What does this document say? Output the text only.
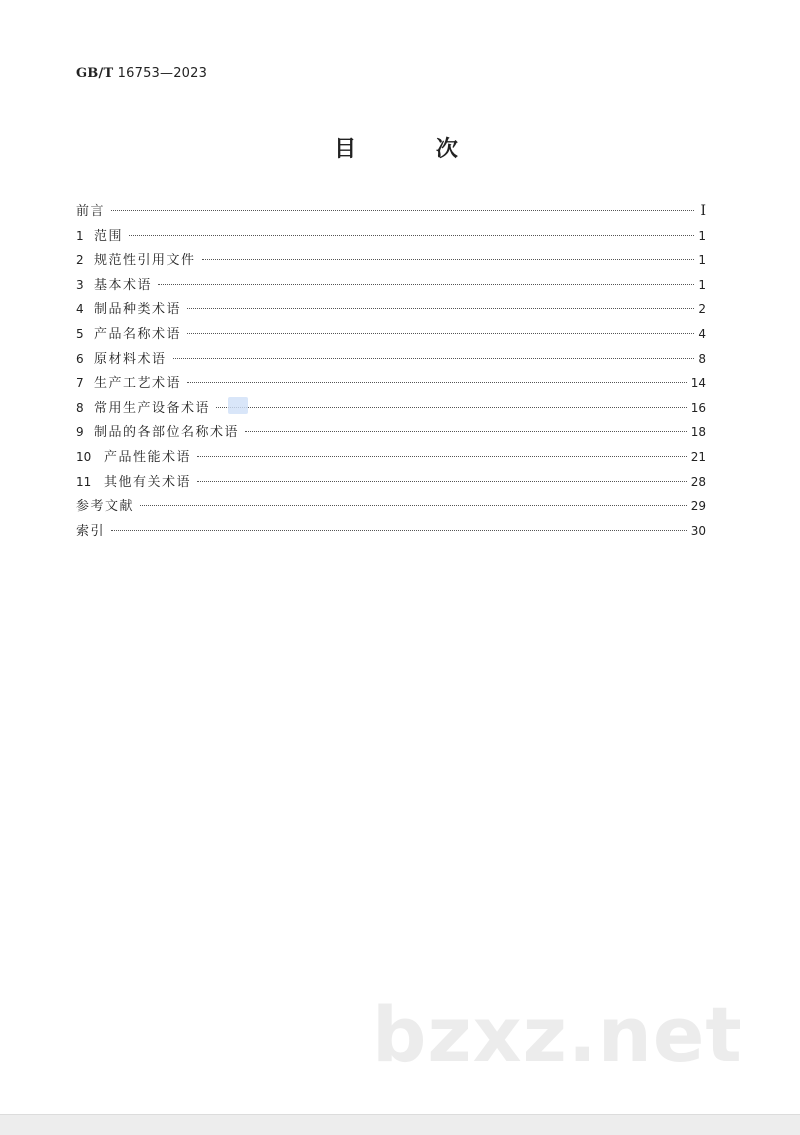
GB/T 16753—2023
目 次
前言	I
1 范围	1
2 规范性引用文件	1
3 基本术语	1
4 制品种类术语	2
5 产品名称术语	4
6 原材料术语	8
7 生产工艺术语	14
8 常用生产设备术语	16
9 制品的各部位名称术语	18
10 产品性能术语	21
11 其他有关术语	28
参考文献	29
索引	30
bzxz.net
